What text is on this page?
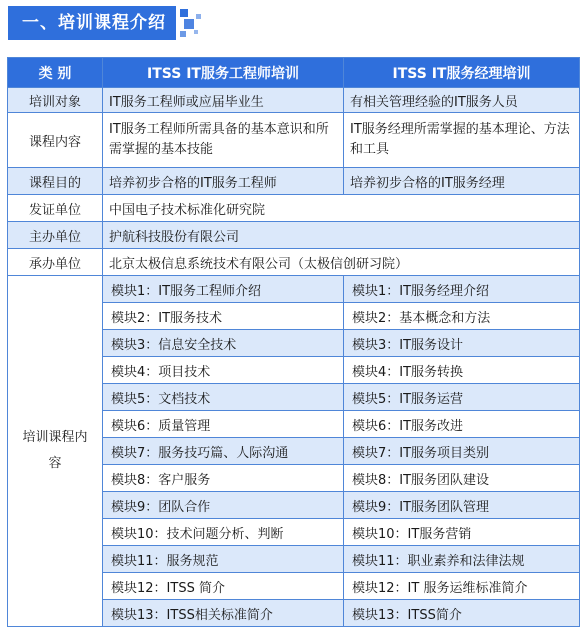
一、培训课程介绍
类 别	ITSS IT服务工程师培训	ITSS IT服务经理培训
培训对象	IT服务工程师或应届毕业生	有相关管理经验的IT服务人员
课程内容	IT服务工程师所需具备的基本意识和所需掌握的基本技能	IT服务经理所需掌握的基本理论、方法和工具
课程目的	培养初步合格的IT服务工程师	培养初步合格的IT服务经理
发证单位	中国电子技术标准化研究院	
主办单位	护航科技股份有限公司	
承办单位	北京太极信息系统技术有限公司（太极信创研习院）	
培训课程内容	模块1：IT服务工程师介绍	模块1：IT服务经理介绍
	模块2：IT服务技术	模块2：基本概念和方法
	模块3：信息安全技术	模块3：IT服务设计
	模块4：项目技术	模块4：IT服务转换
	模块5：文档技术	模块5：IT服务运营
	模块6：质量管理	模块6：IT服务改进
	模块7：服务技巧篇、人际沟通	模块7：IT服务项目类别
	模块8：客户服务	模块8：IT服务团队建设
	模块9：团队合作	模块9：IT服务团队管理
	模块10：技术问题分析、判断	模块10：IT服务营销
	模块11：服务规范	模块11：职业素养和法律法规
	模块12：ITSS 简介	模块12：IT 服务运维标准简介
	模块13：ITSS相关标准简介	模块13：ITSS简介
